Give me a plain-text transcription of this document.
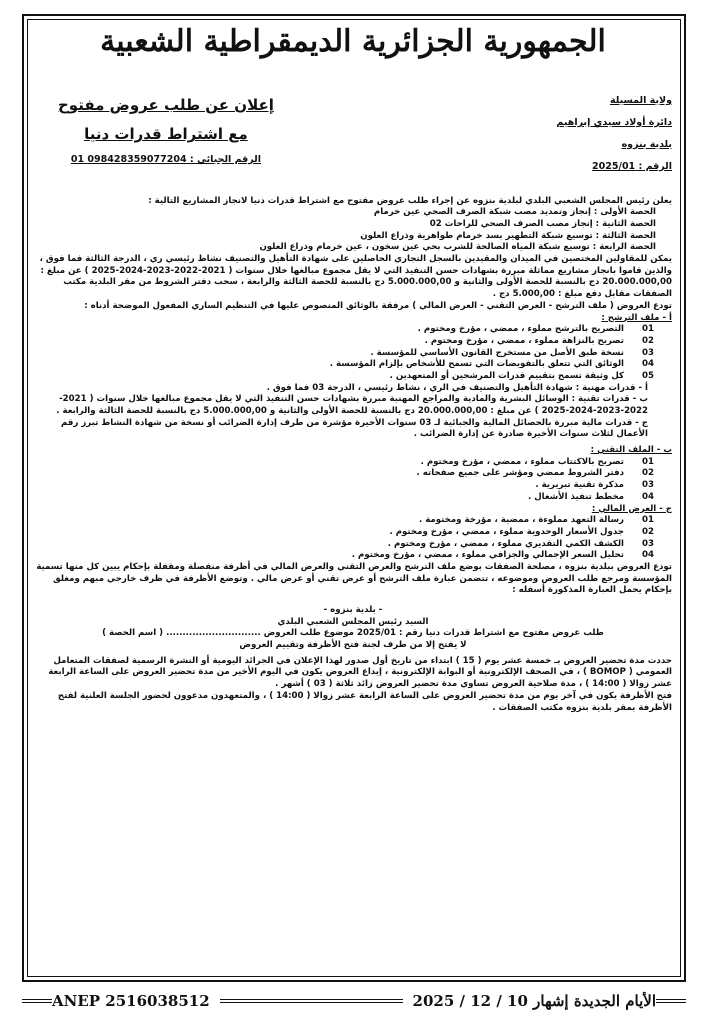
الجمهورية الجزائرية الديمقراطية الشعبية
ولاية المسيلة
دائرة أولاد سيدي إبراهيم
بلدية بنزوه
الرقم : 2025/01
إعلان عن طلب عروض مفتوح
مع اشتراط قدرات دنيا
الرقم الجبائي : 098428359077204 01

يعلن رئيس المجلس الشعبي البلدي لبلدية بنزوه عن إجراء طلب عروض مفتوح مع اشتراط قدرات دنيا لانجاز المشاريع التالية :

الحصة الأولى : إنجاز وتمديد مصب شبكة الصرف الصحي عين خرمام

الحصة الثانية : إنجاز مصب الصرف الصحي للراحات 02

الحصة الثالثة : توسيع شبكة التطهير بسد خرمام طواهرية وذراع العلون

الحصة الرابعة : توسيع شبكة المياه الصالحة للشرب بحي عين سخون ، عين خرمام وذراع العلون

يمكن للمقاولين المختصين في الميدان والمقيدين بالسجل التجاري الحاصلين على شهادة التأهيل والتصنيف نشاط رئيسي ري ، الدرجة الثالثة فما فوق ، والذين قاموا بانجاز مشاريع مماثلة مبررة بشهادات حسن التنفيذ التي لا يقل مجموع مبالغها خلال سنوات ( 2021-2022-2023-2024-2025 ) عن مبلغ : 20.000.000,00 دج بالنسبة للحصة الأولى والثانية و 5.000.000,00 دج بالنسبة للحصة الثالثة والرابعة ، سحب دفتر الشروط من مقر البلدية مكتب الصفقات مقابل دفع مبلغ : 5.000,00 دج .

تودع العروض ( ملف الترشح - العرض التقني - العرض المالي ) مرفقة بالوثائق المنصوص عليها في التنظيم الساري المفعول الموضحة أدناه :

أ - ملف الترشح :

01
التصريح بالترشح مملوء ، ممضي ، مؤرخ ومختوم .
02
تصريح بالنزاهة مملوء ، ممضي ، مؤرخ ومختوم .
03
نسخة طبق الأصل من مستخرج القانون الأساسي للمؤسسة .
04
الوثائق التي تتعلق بالتفويضات التي تسمح للأشخاص بإلزام المؤسسة .
05
كل وثيقة تسمح بتقييم قدرات المرشحين أو المتعهدين .

أ - قدرات مهنية : شهادة التأهيل والتصنيف في الري ، نشاط رئيسي ، الدرجة 03 فما فوق .

ب - قدرات تقنية : الوسائل البشرية والمادية والمراجع المهنية مبررة بشهادات حسن التنفيذ التي لا يقل مجموع مبالغها خلال سنوات ( 2021-2022-2023-2024-2025 ) عن مبلغ : 20.000.000,00 دج بالنسبة للحصة الأولى والثانية و 5.000.000,00 دج بالنسبة للحصة الثالثة والرابعة .

ج - قدرات مالية مبررة بالحصائل المالية والجبائية لـ 03 سنوات الأخيرة مؤشرة من طرف إدارة الضرائب أو نسخة من شهادة النشاط تبرز رقم الأعمال لثلاث سنوات الأخيرة صادرة عن إدارة الضرائب .

ب - الملف التقني :

01
تصريح بالاكتتاب مملوء ، ممضي ، مؤرخ ومختوم .
02
دفتر الشروط ممضي ومؤشر على جميع صفحاته .
03
مذكرة تقنية تبريرية .
04
مخطط تنفيذ الأشغال .

ج - العرض المالي :

01
رسالة التعهد مملوءة ، ممضية ، مؤرخة ومختومة .
02
جدول الأسعار الوحدوية مملوء ، ممضي ، مؤرخ ومختوم .
03
الكشف الكمي التقديري مملوء ، ممضي ، مؤرخ ومختوم .
04
تحليل السعر الإجمالي والجزافي مملوء ، ممضي ، مؤرخ ومختوم .

تودع العروض ببلدية بنزوه ، مصلحة الصفقات بوضع ملف الترشح والعرض التقني والعرض المالي في أظرفة منفصلة ومقفلة بإحكام يبين كل منها تسمية المؤسسة ومرجع طلب العروض وموضوعه ، تتضمن عبارة ملف الترشح أو عرض تقني أو عرض مالي . وتوضع الأظرفة في ظرف خارجي مبهم ومغلق بإحكام يحمل العبارة المذكورة أسفله :

- بلدية بنزوه -

السيد رئيس المجلس الشعبي البلدي

طلب عروض مفتوح مع اشتراط قدرات دنيا رقم : 2025/01 موضوع طلب العروض ............................. ( اسم الحصة )

لا يفتح إلا من طرف لجنة فتح الأظرفة وتقييم العروض

حددت مدة تحضير العروض بـ خمسة عشر يوم ( 15 ) ابتداء من تاريخ أول صدور لهذا الإعلان في الجرائد اليومية أو النشرة الرسمية لصفقات المتعامل العمومي ( BOMOP ) ، في الصحف الإلكترونية أو البوابة الإلكترونية ، إيداع العروض يكون في اليوم الأخير من مدة تحضير العروض على الساعة الرابعة عشر زوالا ( 14:00 ) ، مدة صلاحية العروض تساوي مدة تحضير العروض زائد ثلاثة ( 03 ) أشهر .

فتح الأظرفة يكون في آخر يوم من مدة تحضير العروض على الساعة الرابعة عشر زوالا ( 14:00 ) ، والمتعهدون مدعوون لحضور الجلسة العلنية لفتح الأظرفة بمقر بلدية بنزوه مكتب الصفقات .

ANEP 2516038512	الأيام الجديدة إشهار 10 / 12 / 2025
